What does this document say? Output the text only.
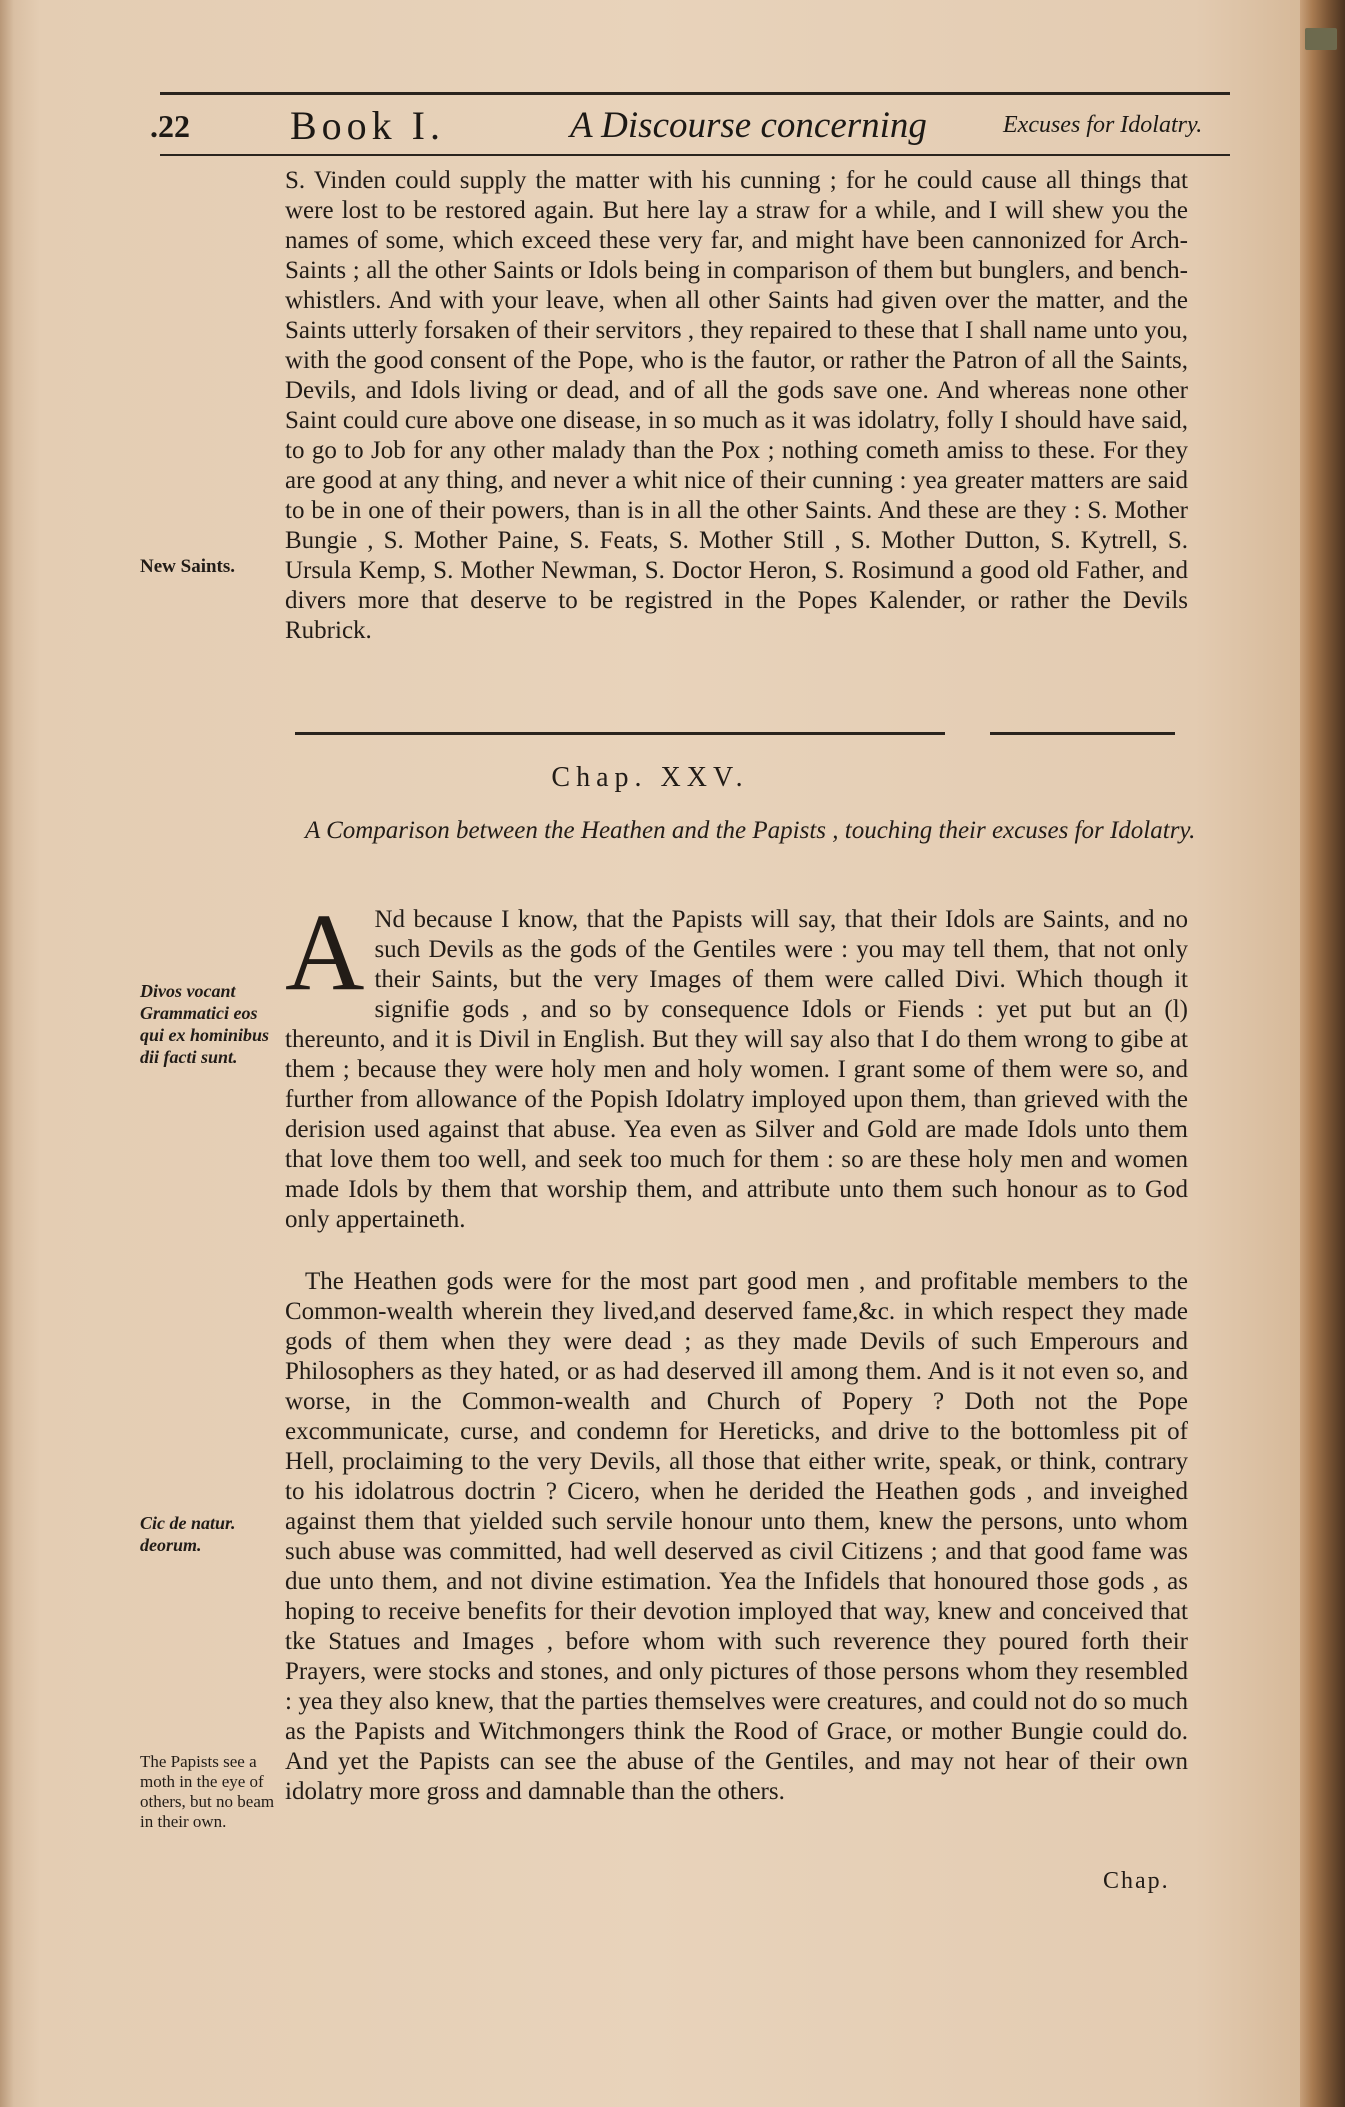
.22	Book I.	A Discourse concerning	Excuses for Idolatry.

S. Vinden could supply the matter with his cunning ; for he could cause all things that were lost to be restored again. But here lay a straw for a while, and I will shew you the names of some, which exceed these very far, and might have been cannonized for Arch-Saints ; all the other Saints or Idols being in comparison of them but bunglers, and bench-whistlers. And with your leave, when all other Saints had given over the matter, and the Saints utterly forsaken of their servitors , they repaired to these that I shall name unto you, with the good consent of the Pope, who is the fautor, or rather the Patron of all the Saints, Devils, and Idols living or dead, and of all the gods save one. And whereas none other Saint could cure above one disease, in so much as it was idolatry, folly I should have said, to go to Job for any other malady than the Pox ; nothing cometh amiss to these. For they are good at any thing, and never a whit nice of their cunning : yea greater matters are said to be in one of their powers, than is in all the other Saints. And these are they : S. Mother Bungie , S. Mother Paine, S. Feats, S. Mother Still , S. Mother Dutton, S. Kytrell, S. Ursula Kemp, S. Mother Newman, S. Doctor Heron, S. Rosimund a good old Father, and divers more that deserve to be registred in the Popes Kalender, or rather the Devils Rubrick.

New Saints.

Chap. XXV.

A Comparison between the Heathen and the Papists , touching their excuses for Idolatry.

A Nd because I know, that the Papists will say, that their Idols are Saints, and no such Devils as the gods of the Gentiles were : you may tell them, that not only their Saints, but the very Images of them were called Divi. Which though it signifie gods , and so by consequence Idols or Fiends : yet put but an (l) thereunto, and it is Divil in English. But they will say also that I do them wrong to gibe at them ; because they were holy men and holy women. I grant some of them were so, and further from allowance of the Popish Idolatry imployed upon them, than grieved with the derision used against that abuse. Yea even as Silver and Gold are made Idols unto them that love them too well, and seek too much for them : so are these holy men and women made Idols by them that worship them, and attribute unto them such honour as to God only appertaineth.

Divos vocant Grammatici eos qui ex hominibus dii facti sunt.

The Heathen gods were for the most part good men , and profitable members to the Common-wealth wherein they lived,and deserved fame,&c. in which respect they made gods of them when they were dead ; as they made Devils of such Emperours and Philosophers as they hated, or as had deserved ill among them. And is it not even so, and worse, in the Common-wealth and Church of Popery ? Doth not the Pope excommunicate, curse, and condemn for Hereticks, and drive to the bottomless pit of Hell, proclaiming to the very Devils, all those that either write, speak, or think, contrary to his idolatrous doctrin ? Cicero, when he derided the Heathen gods , and inveighed against them that yielded such servile honour unto them, knew the persons, unto whom such abuse was committed, had well deserved as civil Citizens ; and that good fame was due unto them, and not divine estimation. Yea the Infidels that honoured those gods , as hoping to receive benefits for their devotion imployed that way, knew and conceived that tke Statues and Images , before whom with such reverence they poured forth their Prayers, were stocks and stones, and only pictures of those persons whom they resembled : yea they also knew, that the parties themselves were creatures, and could not do so much as the Papists and Witchmongers think the Rood of Grace, or mother Bungie could do. And yet the Papists can see the abuse of the Gentiles, and may not hear of their own idolatry more gross and damnable than the others.

Cic de natur. deorum.

The Papists see a moth in the eye of others, but no beam in their own.

Chap.
